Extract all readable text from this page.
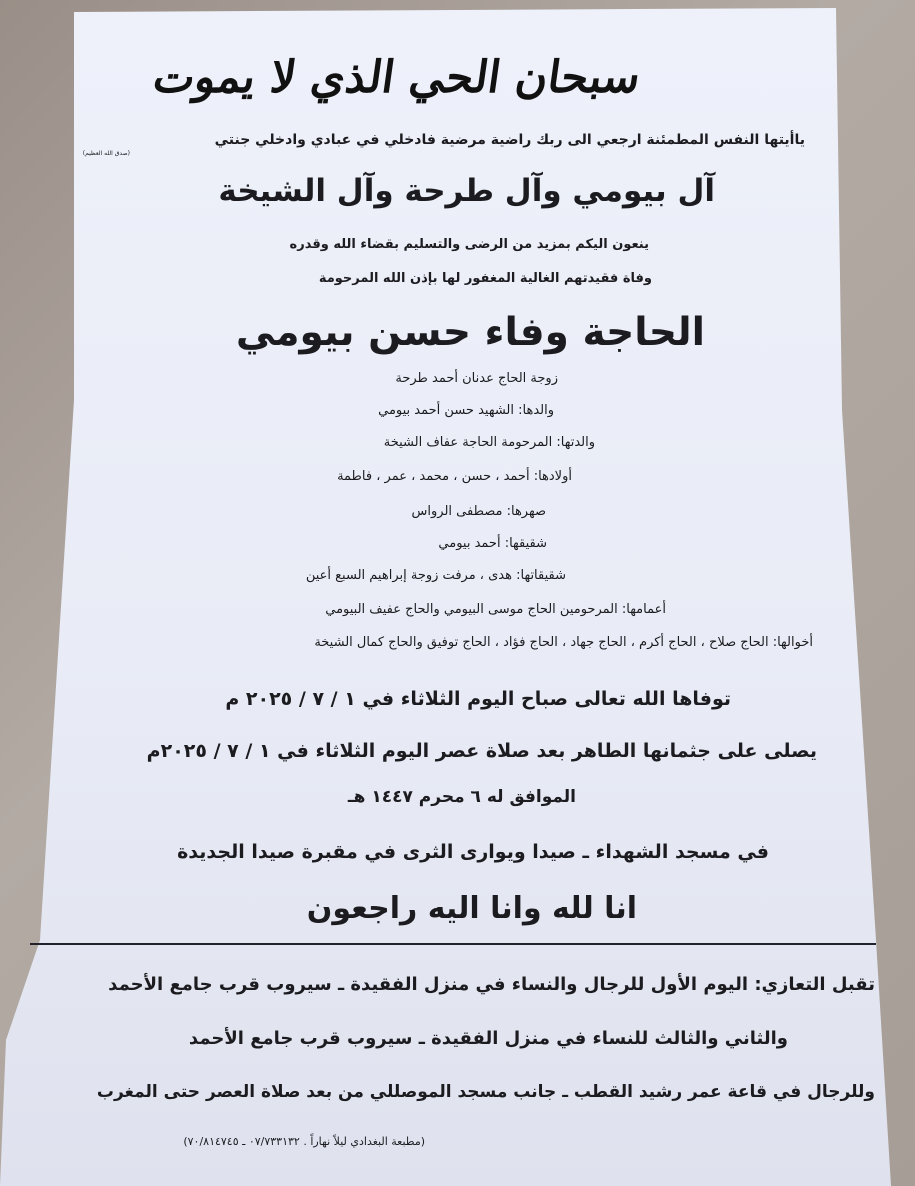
سبحان الحي الذي لا يموت
ياأيتها النفس المطمئنة ارجعي الى ربك راضية مرضية فادخلي في عبادي وادخلي جنتي
(صدق الله العظيم)
آل بيومي وآل طرحة وآل الشيخة
ينعون اليكم بمزيد من الرضى والتسليم بقضاء الله وقدره
وفاة فقيدتهم الغالية المغفور لها بإذن الله المرحومة
الحاجة وفاء حسن بيومي
زوجة الحاج عدنان أحمد طرحة
والدها: الشهيد حسن أحمد بيومي
والدتها: المرحومة الحاجة عفاف الشيخة
أولادها: أحمد ، حسن ، محمد ، عمر ، فاطمة
صهرها: مصطفى الرواس
شقيقها: أحمد بيومي
شقيقاتها: هدى ، مرفت زوجة إبراهيم السبع أعين
أعمامها: المرحومين الحاج موسى البيومي والحاج عفيف البيومي
أخوالها: الحاج صلاح ، الحاج أكرم ، الحاج جهاد ، الحاج فؤاد ، الحاج توفيق والحاج كمال الشيخة
توفاها الله تعالى صباح اليوم الثلاثاء في ١ / ٧ / ٢٠٢٥ م
يصلى على جثمانها الطاهر بعد صلاة عصر اليوم الثلاثاء في ١ / ٧ / ٢٠٢٥م
الموافق له ٦ محرم ١٤٤٧ هـ
في مسجد الشهداء ـ صيدا ويوارى الثرى في مقبرة صيدا الجديدة
انا لله وانا اليه راجعون
تقبل التعازي: اليوم الأول للرجال والنساء في منزل الفقيدة ـ سيروب قرب جامع الأحمد
والثاني والثالث للنساء في منزل الفقيدة ـ سيروب قرب جامع الأحمد
وللرجال في قاعة عمر رشيد القطب ـ جانب مسجد الموصللي من بعد صلاة العصر حتى المغرب
(مطبعة البغدادي ليلاً نهاراً . ٠٧/٧٣٣١٣٢ ـ ٧٠/٨١٤٧٤٥)
